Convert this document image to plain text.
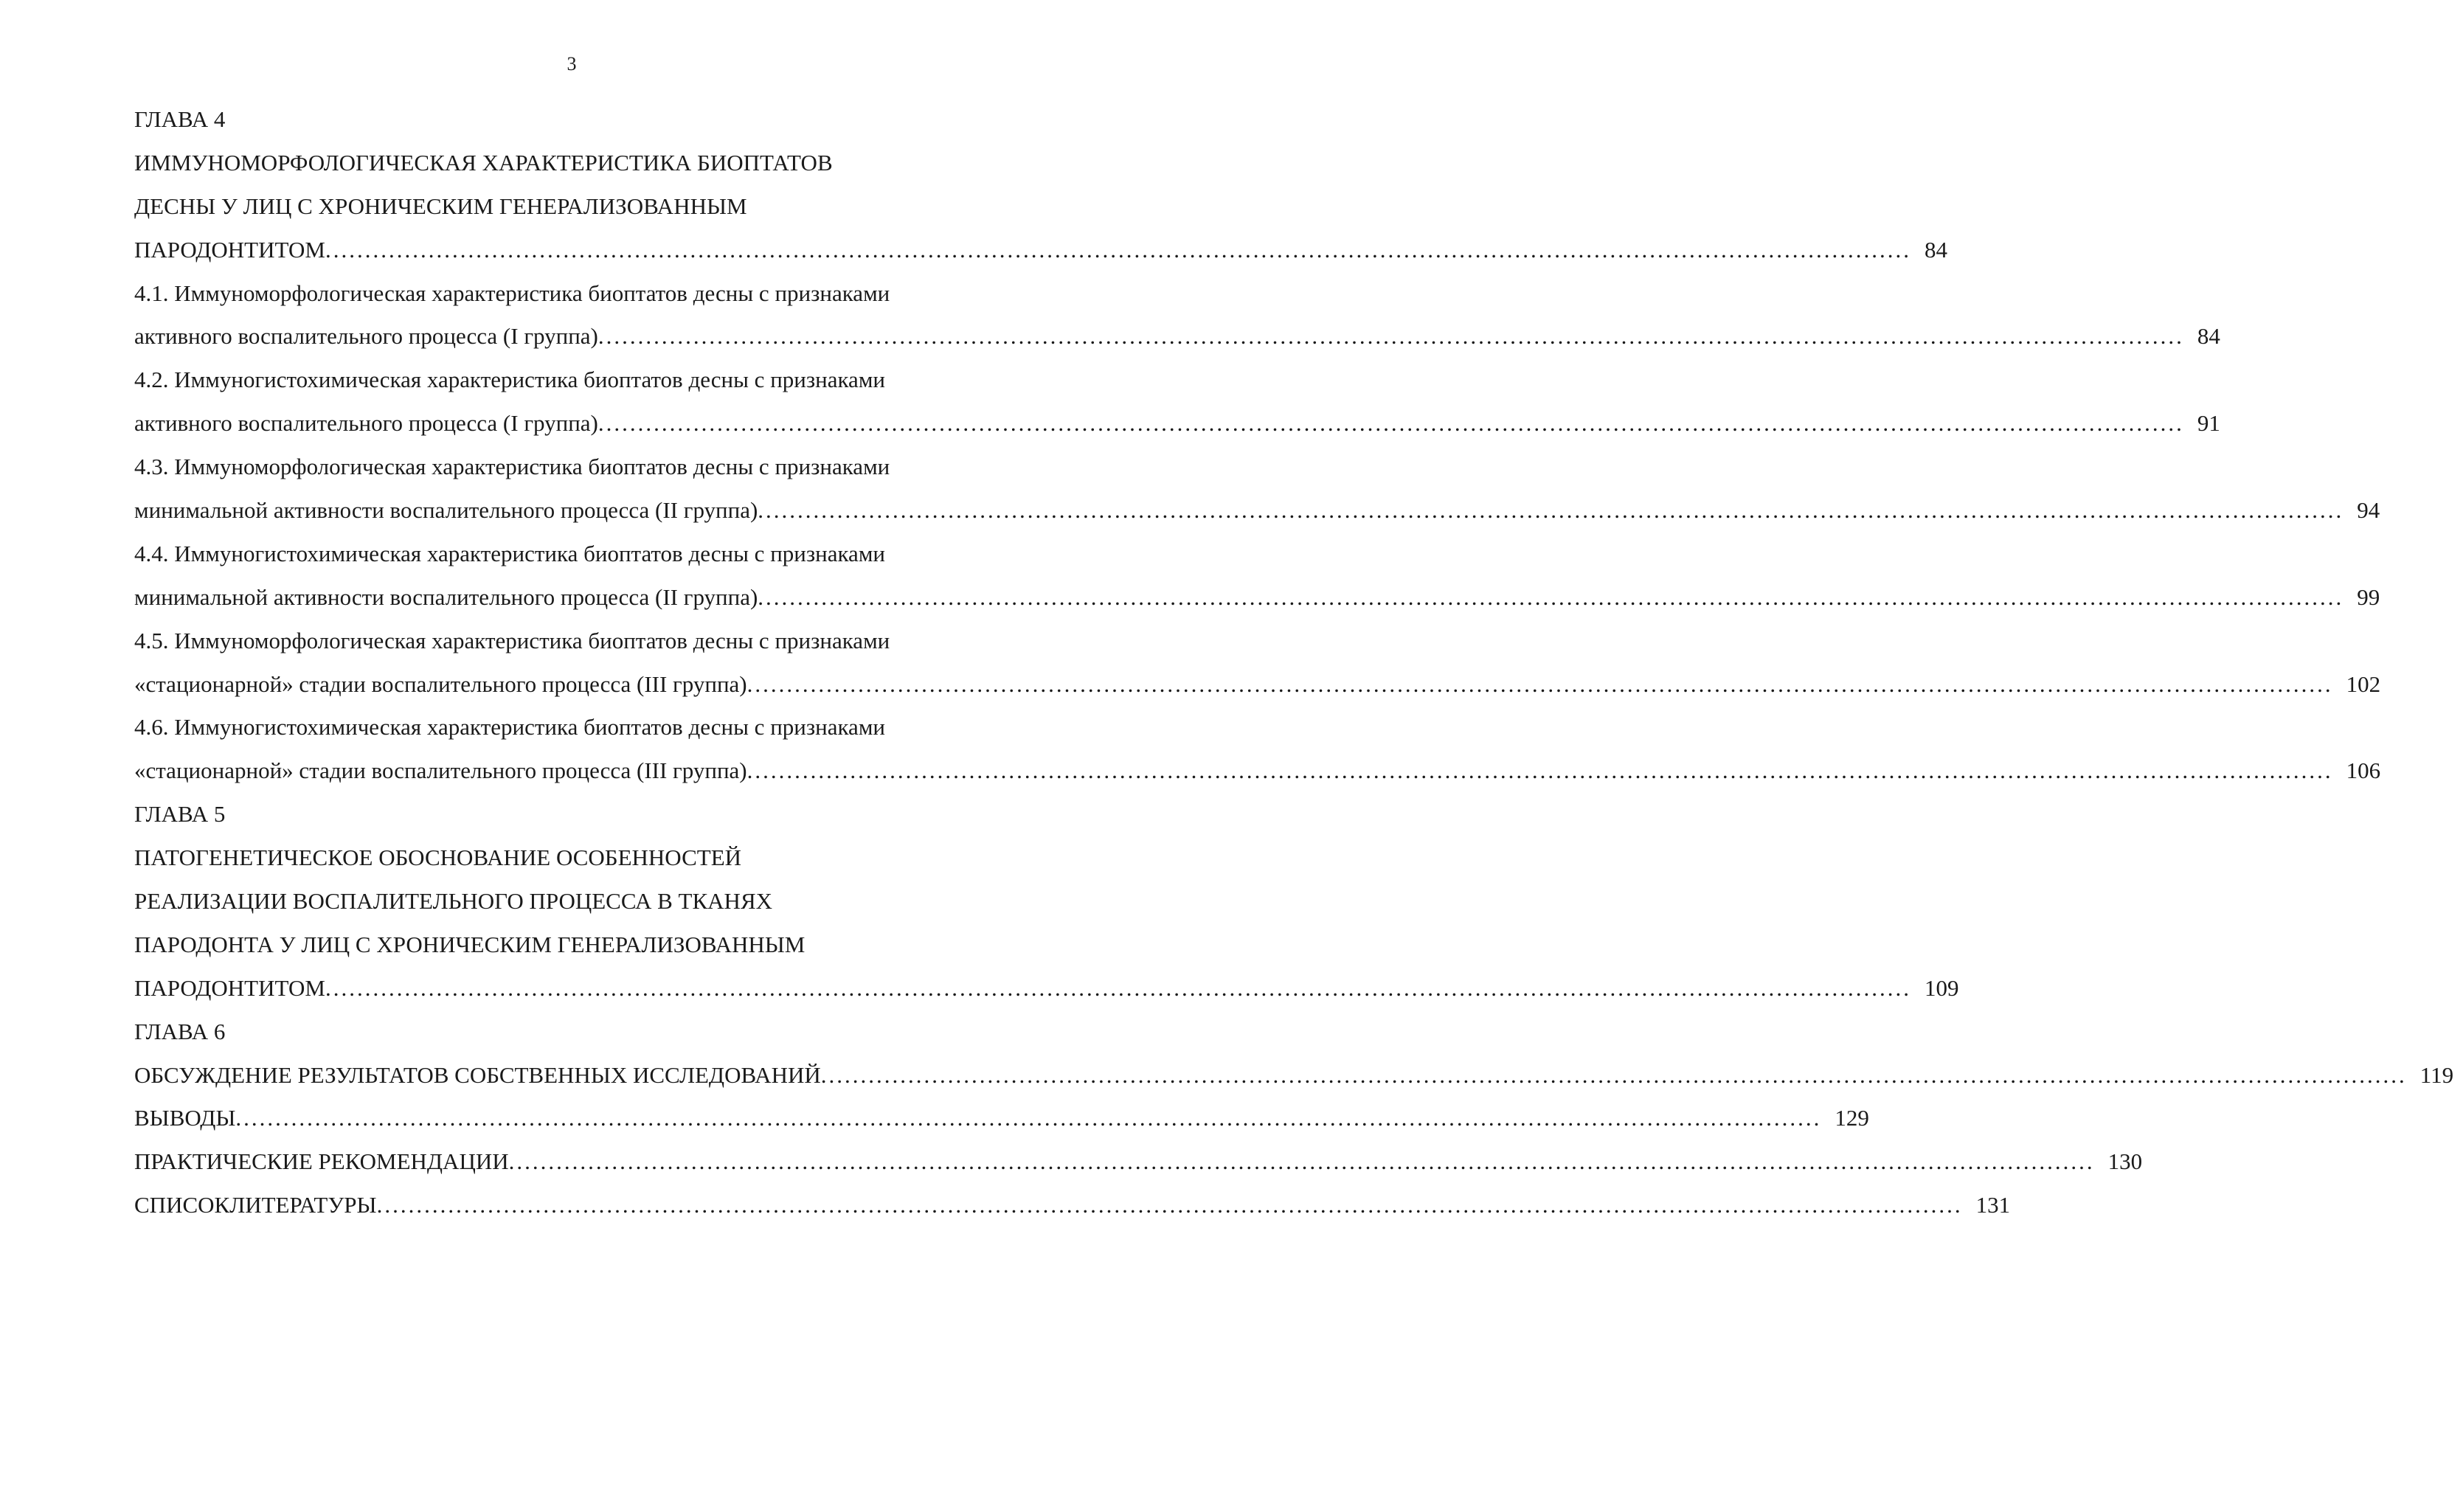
3
ГЛАВА 4
ИММУНОМОРФОЛОГИЧЕСКАЯ ХАРАКТЕРИСТИКА БИОПТАТОВ
ДЕСНЫ У ЛИЦ С ХРОНИЧЕСКИМ ГЕНЕРАЛИЗОВАННЫМ
ПАРОДОНТИТОМ ........................................................................................................................................................................................................ 84
4.1. Иммуноморфологическая характеристика биоптатов десны с признаками
активного воспалительного процесса (I группа) ........................................................................................................................................................................................................ 84
4.2. Иммуногистохимическая характеристика биоптатов десны с признаками
активного воспалительного процесса (I группа) ........................................................................................................................................................................................................ 91
4.3. Иммуноморфологическая характеристика биоптатов десны с признаками
минимальной активности воспалительного процесса (II группа) ........................................................................................................................................................................................................ 94
4.4. Иммуногистохимическая характеристика биоптатов десны с признаками
минимальной активности воспалительного процесса (II группа) ........................................................................................................................................................................................................ 99
4.5. Иммуноморфологическая характеристика биоптатов десны с признаками
«стационарной» стадии воспалительного процесса (III группа) ........................................................................................................................................................................................................ 102
4.6. Иммуногистохимическая характеристика биоптатов десны с признаками
«стационарной» стадии воспалительного процесса (III группа) ........................................................................................................................................................................................................ 106
ГЛАВА 5
ПАТОГЕНЕТИЧЕСКОЕ ОБОСНОВАНИЕ ОСОБЕННОСТЕЙ
РЕАЛИЗАЦИИ ВОСПАЛИТЕЛЬНОГО ПРОЦЕССА В ТКАНЯХ
ПАРОДОНТА У ЛИЦ С ХРОНИЧЕСКИМ ГЕНЕРАЛИЗОВАННЫМ
ПАРОДОНТИТОМ ........................................................................................................................................................................................................ 109
ГЛАВА 6
ОБСУЖДЕНИЕ РЕЗУЛЬТАТОВ СОБСТВЕННЫХ ИССЛЕДОВАНИЙ ........................................................................................................................................................................................................ 119
ВЫВОДЫ ........................................................................................................................................................................................................ 129
ПРАКТИЧЕСКИЕ РЕКОМЕНДАЦИИ ........................................................................................................................................................................................................ 130
СПИСОКЛИТЕРАТУРЫ ........................................................................................................................................................................................................ 131
